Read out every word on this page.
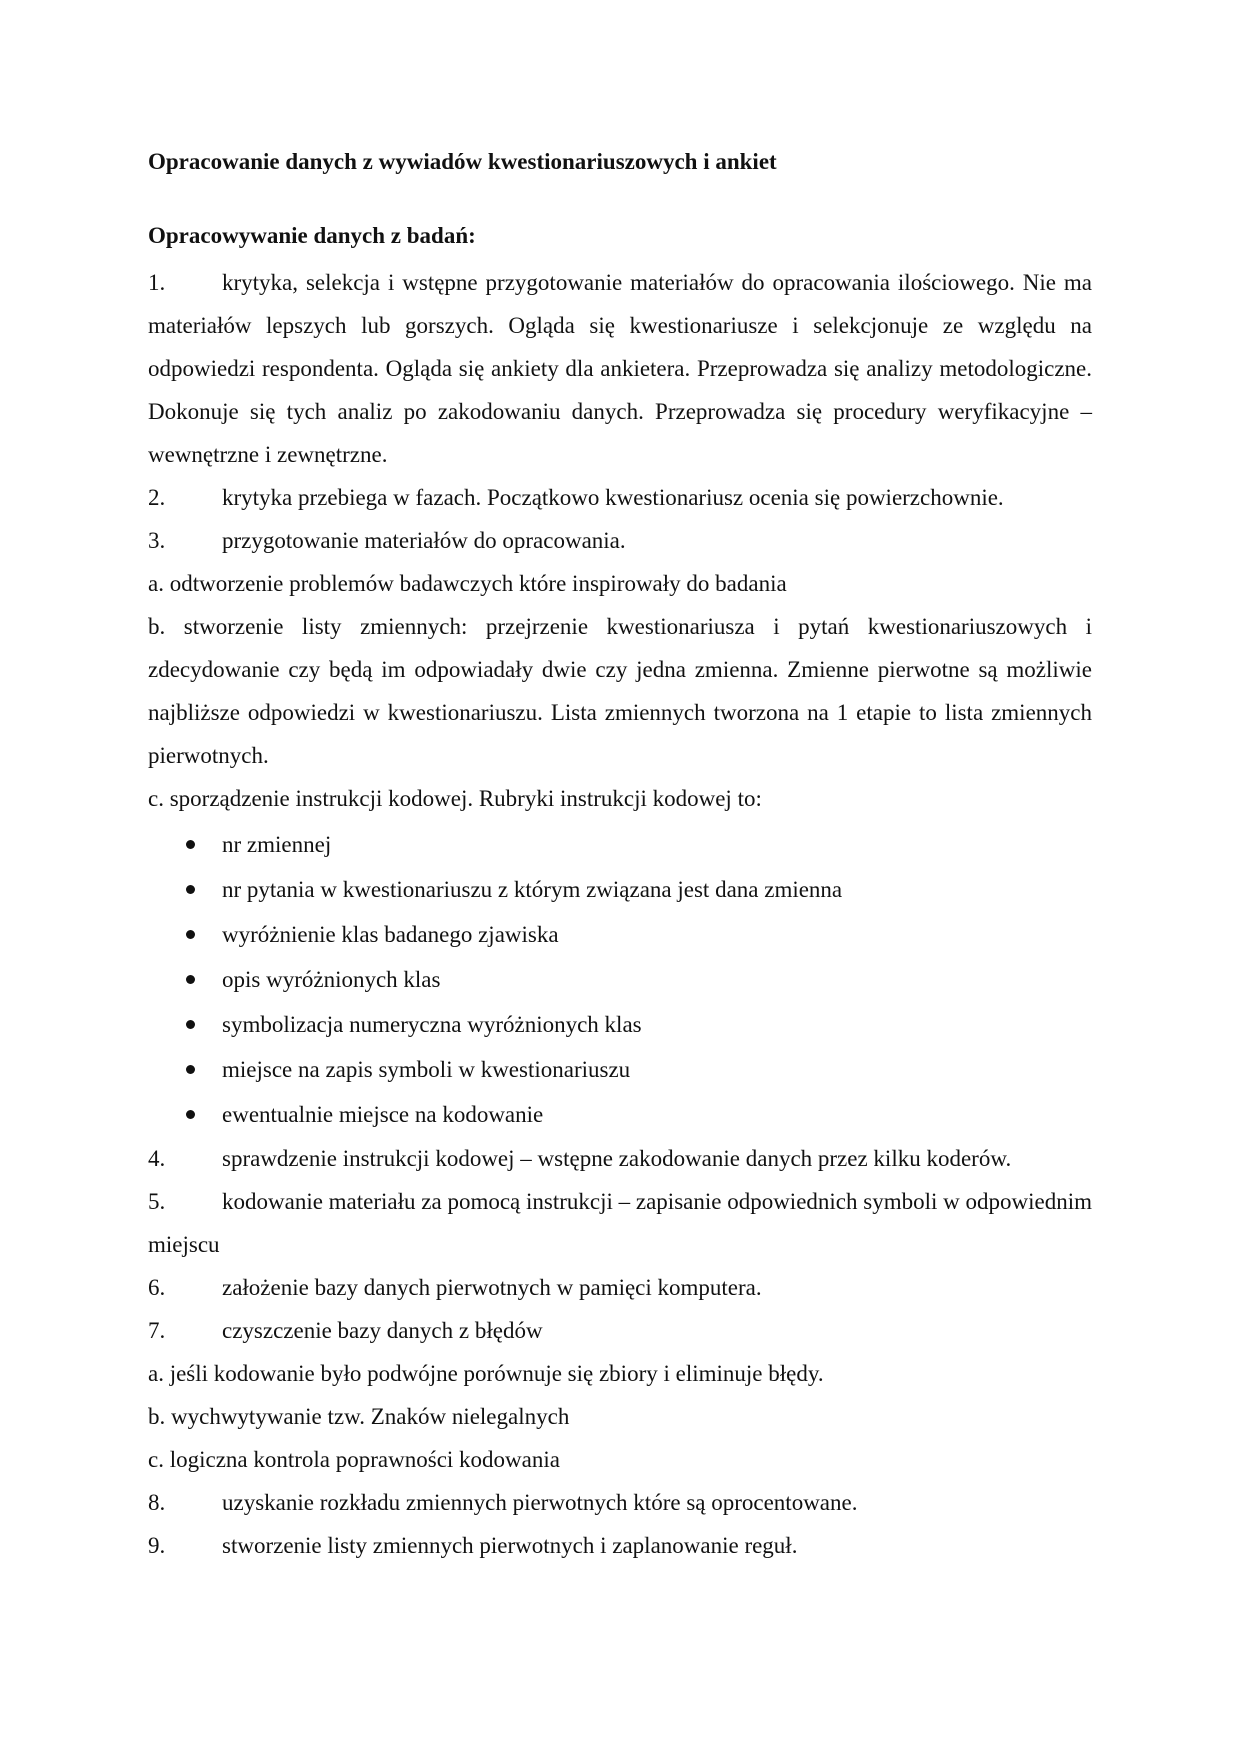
Opracowanie danych z wywiadów kwestionariuszowych i ankiet

Opracowywanie danych z badań:

1. krytyka, selekcja i wstępne przygotowanie materiałów do opracowania ilościowego. Nie ma materiałów lepszych lub gorszych. Ogląda się kwestionariusze i selekcjonuje ze względu na odpowiedzi respondenta. Ogląda się ankiety dla ankietera. Przeprowadza się analizy metodologiczne. Dokonuje się tych analiz po zakodowaniu danych. Przeprowadza się procedury weryfikacyjne – wewnętrzne i zewnętrzne.

2. krytyka przebiega w fazach. Początkowo kwestionariusz ocenia się powierzchownie.

3. przygotowanie materiałów do opracowania.

a. odtworzenie problemów badawczych które inspirowały do badania

b. stworzenie listy zmiennych: przejrzenie kwestionariusza i pytań kwestionariuszowych i zdecydowanie czy będą im odpowiadały dwie czy jedna zmienna. Zmienne pierwotne są możliwie najbliższe odpowiedzi w kwestionariuszu. Lista zmiennych tworzona na 1 etapie to lista zmiennych pierwotnych.

c. sporządzenie instrukcji kodowej. Rubryki instrukcji kodowej to:

nr zmiennej
nr pytania w kwestionariuszu z którym związana jest dana zmienna
wyróżnienie klas badanego zjawiska
opis wyróżnionych klas
symbolizacja numeryczna wyróżnionych klas
miejsce na zapis symboli w kwestionariuszu
ewentualnie miejsce na kodowanie

4. sprawdzenie instrukcji kodowej – wstępne zakodowanie danych przez kilku koderów.

5. kodowanie materiału za pomocą instrukcji – zapisanie odpowiednich symboli w odpowiednim miejscu

6. założenie bazy danych pierwotnych w pamięci komputera.

7. czyszczenie bazy danych z błędów

a. jeśli kodowanie było podwójne porównuje się zbiory i eliminuje błędy.

b. wychwytywanie tzw. Znaków nielegalnych

c. logiczna kontrola poprawności kodowania

8. uzyskanie rozkładu zmiennych pierwotnych które są oprocentowane.

9. stworzenie listy zmiennych pierwotnych i zaplanowanie reguł.
